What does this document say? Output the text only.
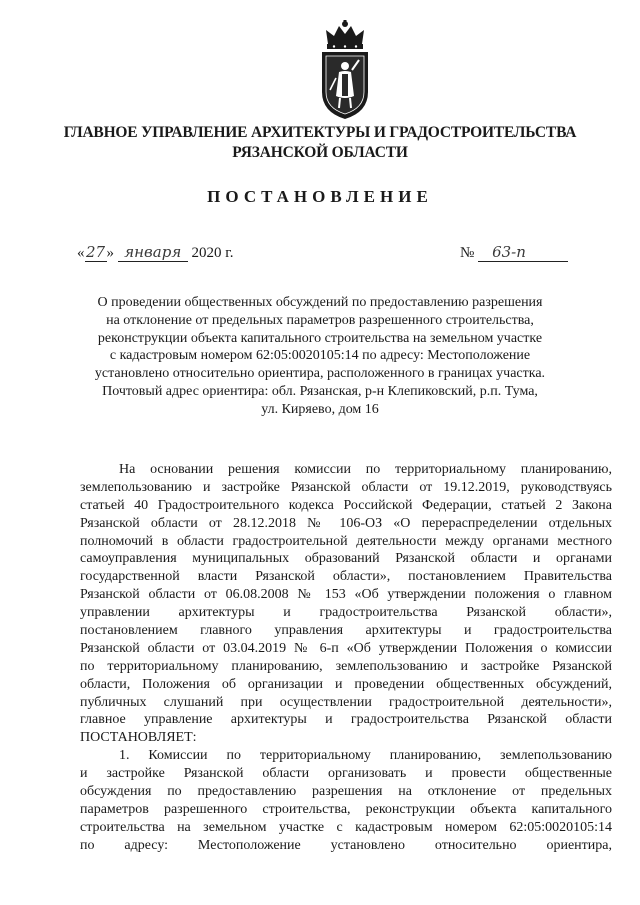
ГЛАВНОЕ УПРАВЛЕНИЕ АРХИТЕКТУРЫ И ГРАДОСТРОИТЕЛЬСТВА
РЯЗАНСКОЙ ОБЛАСТИ
ПОСТАНОВЛЕНИЕ
«27» января 2020 г.	№ 63-п
О проведении общественных обсуждений по предоставлению разрешения
на отклонение от предельных параметров разрешенного строительства,
реконструкции объекта капитального строительства на земельном участке
с кадастровым номером 62:05:0020105:14 по адресу: Местоположение
установлено относительно ориентира, расположенного в границах участка.
Почтовый адрес ориентира: обл. Рязанская, р-н Клепиковский, р.п. Тума,
ул. Киряево, дом 16
На основании решения комиссии по территориальному планированию,
землепользованию и застройке Рязанской области от 19.12.2019, руководствуясь
статьей 40 Градостроительного кодекса Российской Федерации, статьей 2 Закона
Рязанской области от 28.12.2018 № 106-ОЗ «О перераспределении отдельных
полномочий в области градостроительной деятельности между органами местного
самоуправления муниципальных образований Рязанской области и органами
государственной власти Рязанской области», постановлением Правительства
Рязанской области от 06.08.2008 № 153 «Об утверждении положения о главном
управлении архитектуры и градостроительства Рязанской области»,
постановлением главного управления архитектуры и градостроительства
Рязанской области от 03.04.2019 № 6-п «Об утверждении Положения о комиссии
по территориальному планированию, землепользованию и застройке Рязанской
области, Положения об организации и проведении общественных обсуждений,
публичных слушаний при осуществлении градостроительной деятельности»,
главное управление архитектуры и градостроительства Рязанской области
ПОСТАНОВЛЯЕТ:
1. Комиссии по территориальному планированию, землепользованию
и застройке Рязанской области организовать и провести общественные
обсуждения по предоставлению разрешения на отклонение от предельных
параметров разрешенного строительства, реконструкции объекта капитального
строительства на земельном участке с кадастровым номером 62:05:0020105:14
по адресу: Местоположение установлено относительно ориентира,
